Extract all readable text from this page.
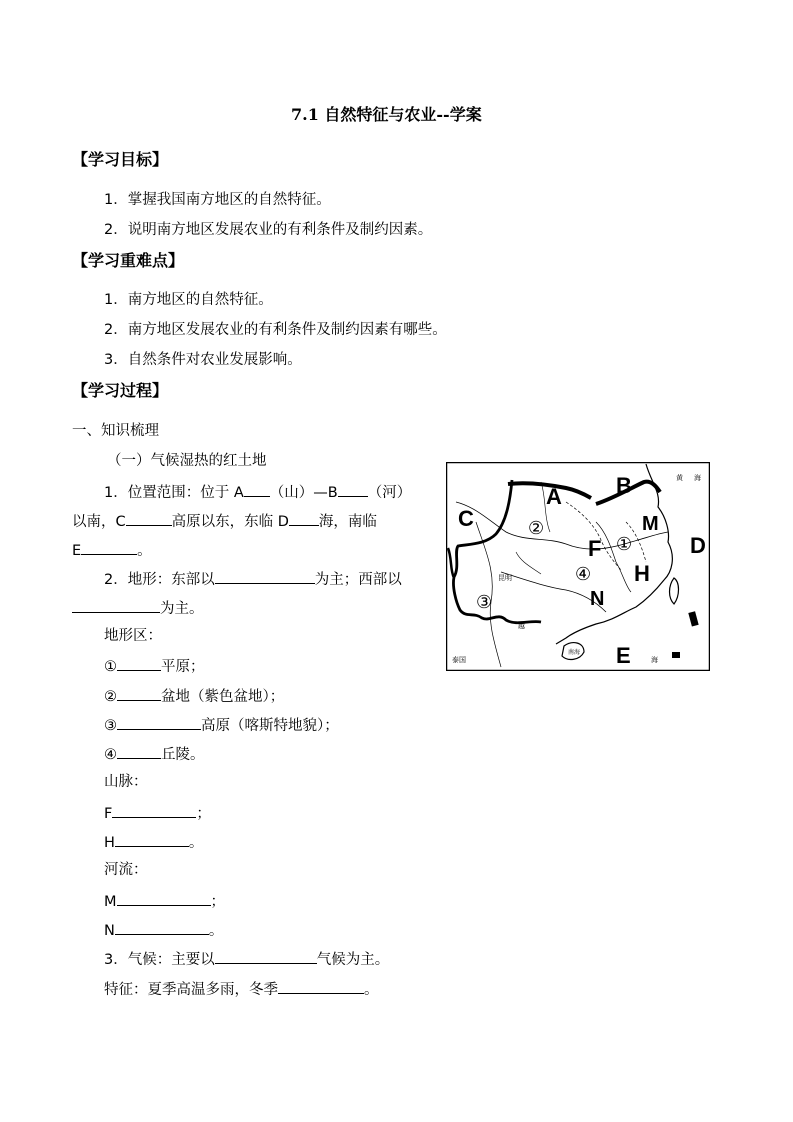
7.1 自然特征与农业--学案
【学习目标】
1．掌握我国南方地区的自然特征。
2．说明南方地区发展农业的有利条件及制约因素。
【学习重难点】
1．南方地区的自然特征。
2．南方地区发展农业的有利条件及制约因素有哪些。
3．自然条件对农业发展影响。
【学习过程】
一、知识梳理
（一）气候湿热的红土地
1．位置范围：位于 A （山）—B （河）
以南，C	高原以东，东临 D 海，南临
E	。
2．地形：东部以	为主；西部以
为主。
地形区：
①	平原；
②	盆地（紫色盆地）；
③	高原（喀斯特地貌）；
④	丘陵。
山脉：
F	；
H	。
河流：
M	；
N	。
3．气候：主要以	气候为主。
特征：夏季高温多雨，冬季	。
A B
C
D
E
F
H
M
N
①
②
③
④
黄 海
昆明
越
泰国	海
南海
